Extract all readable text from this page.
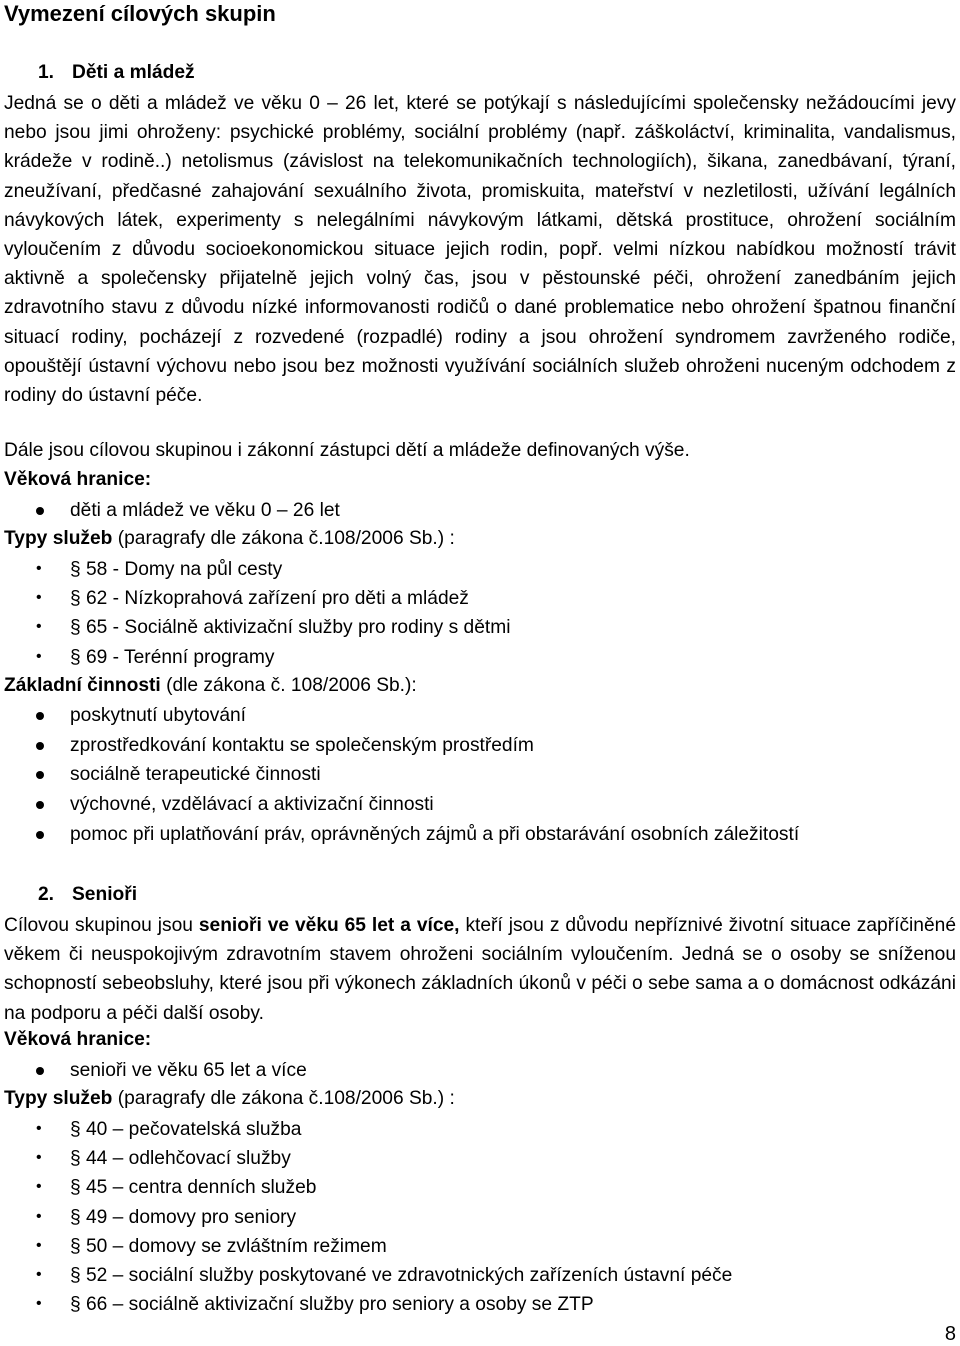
Vymezení cílových skupin
1. Děti a mládež
Jedná se o děti a mládež ve věku 0 – 26 let, které se potýkají s následujícími společensky nežádoucími jevy nebo jsou jimi ohroženy: psychické problémy, sociální problémy (např. záškoláctví, kriminalita, vandalismus, krádeže v rodině..) netolismus (závislost na telekomunikačních technologiích), šikana, zanedbávaní, týraní, zneužívaní, předčasné zahajování sexuálního života, promiskuita, mateřství v nezletilosti, užívání legálních návykových látek, experimenty s nelegálními návykovým látkami, dětská prostituce, ohrožení sociálním vyloučením z důvodu socioekonomickou situace jejich rodin, popř. velmi nízkou nabídkou možností trávit aktivně a společensky přijatelně jejich volný čas, jsou v pěstounské péči, ohrožení zanedbáním jejich zdravotního stavu z důvodu nízké informovanosti rodičů o dané problematice nebo ohrožení špatnou finanční situací rodiny, pocházejí z rozvedené (rozpadlé) rodiny a jsou ohrožení syndromem zavrženého rodiče, opouštějí ústavní výchovu nebo jsou bez možnosti využívání sociálních služeb ohroženi nuceným odchodem z rodiny do ústavní péče.
Dále jsou cílovou skupinou i zákonní zástupci dětí a mládeže definovaných výše.
Věková hranice:
děti a mládež ve věku 0 – 26 let
Typy služeb (paragrafy dle zákona č.108/2006 Sb.) :
• § 58 - Domy na půl cesty
• § 62 - Nízkoprahová zařízení pro děti a mládež
• § 65 - Sociálně aktivizační služby pro rodiny s dětmi
• § 69 - Terénní programy
Základní činnosti (dle zákona č. 108/2006 Sb.):
poskytnutí ubytování
zprostředkování kontaktu se společenským prostředím
sociálně terapeutické činnosti
výchovné, vzdělávací a aktivizační činnosti
pomoc při uplatňování práv, oprávněných zájmů a při obstarávání osobních záležitostí
2. Senioři
Cílovou skupinou jsou senioři ve věku 65 let a více, kteří jsou z důvodu nepříznivé životní situace zapříčiněné věkem či neuspokojivým zdravotním stavem ohroženi sociálním vyloučením. Jedná se o osoby se sníženou schopností sebeobsluhy, které jsou při výkonech základních úkonů v péči o sebe sama a o domácnost odkázáni na podporu a péči další osoby.
Věková hranice:
senioři ve věku 65 let a více
Typy služeb (paragrafy dle zákona č.108/2006 Sb.) :
• § 40 – pečovatelská služba
• § 44 – odlehčovací služby
• § 45 – centra denních služeb
• § 49 – domovy pro seniory
• § 50 – domovy se zvláštním režimem
• § 52 – sociální služby poskytované ve zdravotnických zařízeních ústavní péče
• § 66 – sociálně aktivizační služby pro seniory a osoby se ZTP
8
